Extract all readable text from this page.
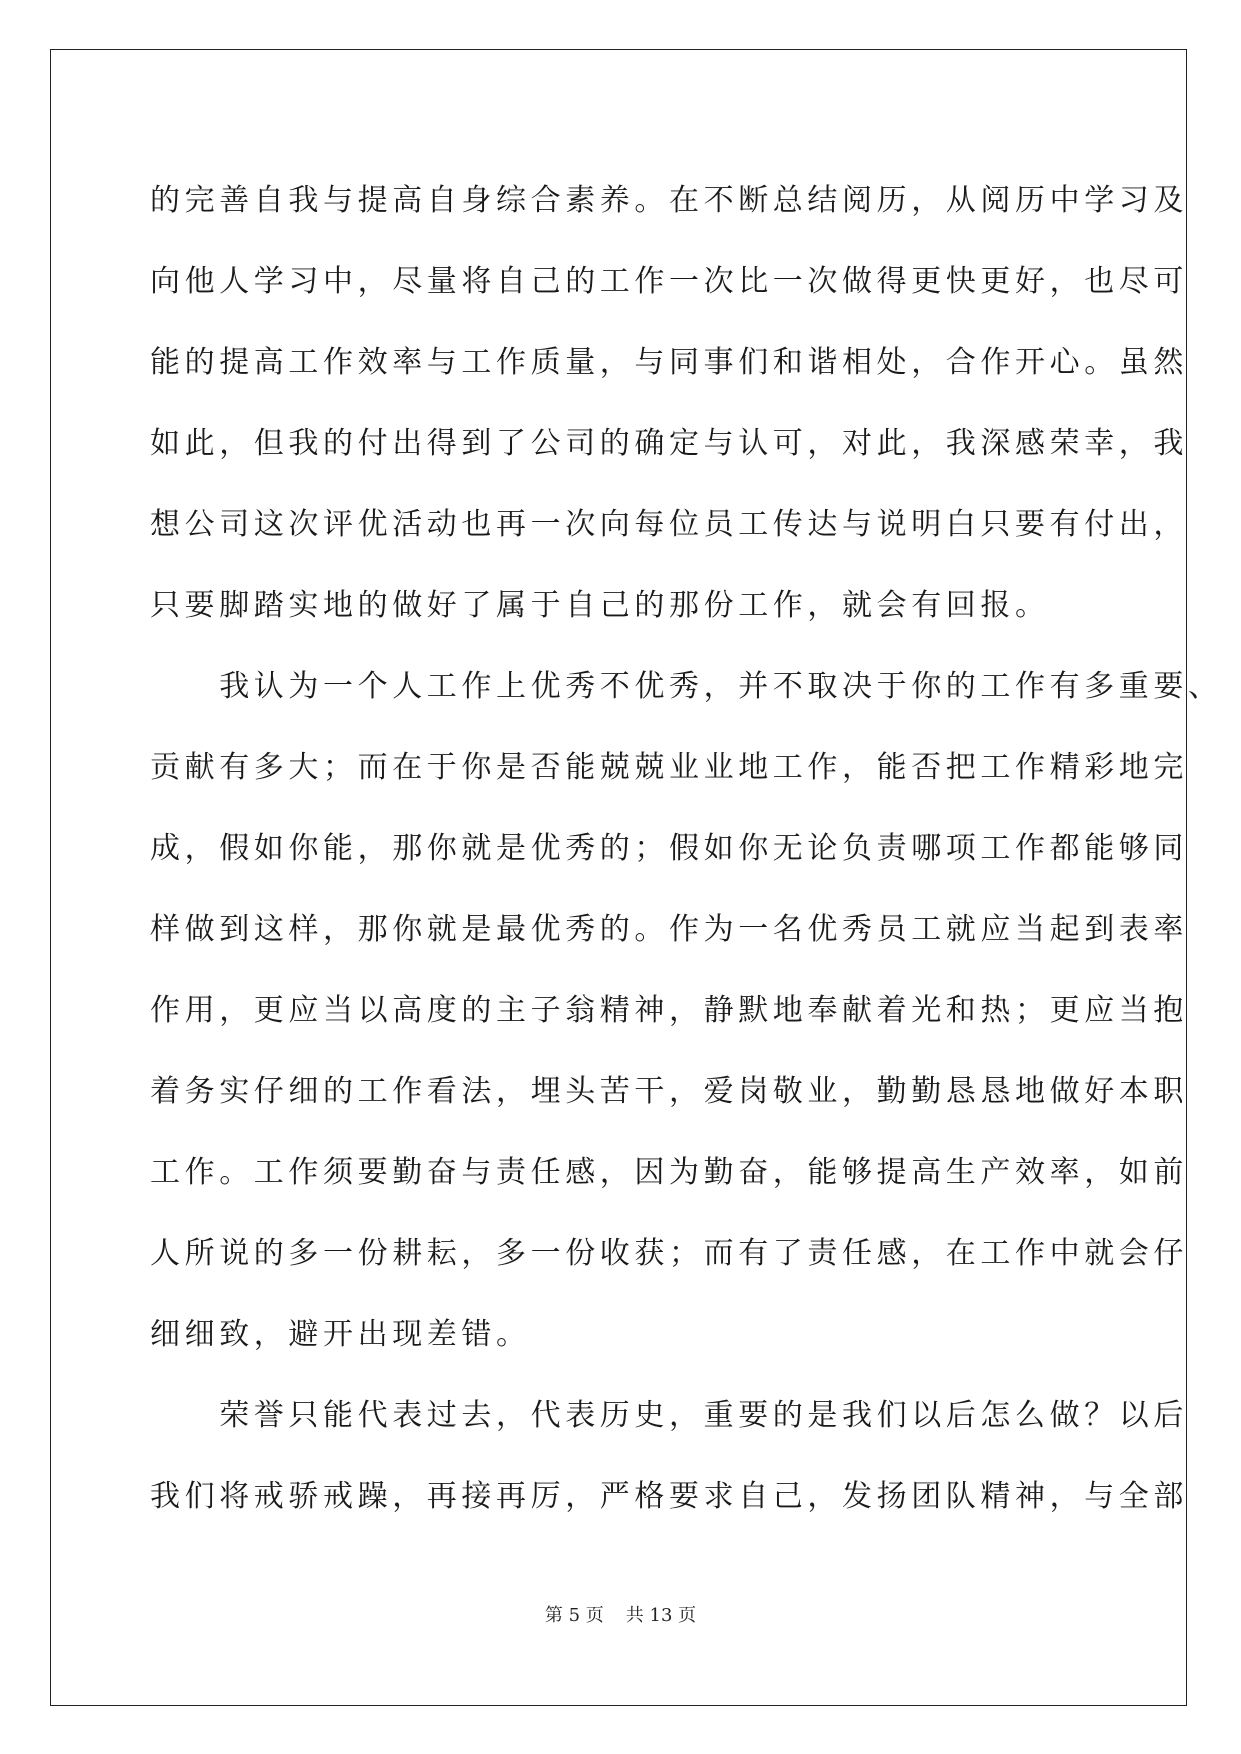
的完善自我与提高自身综合素养。在不断总结阅历，从阅历中学习及
向他人学习中，尽量将自己的工作一次比一次做得更快更好，也尽可
能的提高工作效率与工作质量，与同事们和谐相处，合作开心。虽然
如此，但我的付出得到了公司的确定与认可，对此，我深感荣幸，我
想公司这次评优活动也再一次向每位员工传达与说明白只要有付出，
只要脚踏实地的做好了属于自己的那份工作，就会有回报。
　　我认为一个人工作上优秀不优秀，并不取决于你的工作有多重要、
贡献有多大；而在于你是否能兢兢业业地工作，能否把工作精彩地完
成，假如你能，那你就是优秀的；假如你无论负责哪项工作都能够同
样做到这样，那你就是最优秀的。作为一名优秀员工就应当起到表率
作用，更应当以高度的主子翁精神，静默地奉献着光和热；更应当抱
着务实仔细的工作看法，埋头苦干，爱岗敬业，勤勤恳恳地做好本职
工作。工作须要勤奋与责任感，因为勤奋，能够提高生产效率，如前
人所说的多一份耕耘，多一份收获；而有了责任感，在工作中就会仔
细细致，避开出现差错。
　　荣誉只能代表过去，代表历史，重要的是我们以后怎么做？以后
我们将戒骄戒躁，再接再厉，严格要求自己，发扬团队精神，与全部
第 5 页 共 13 页
